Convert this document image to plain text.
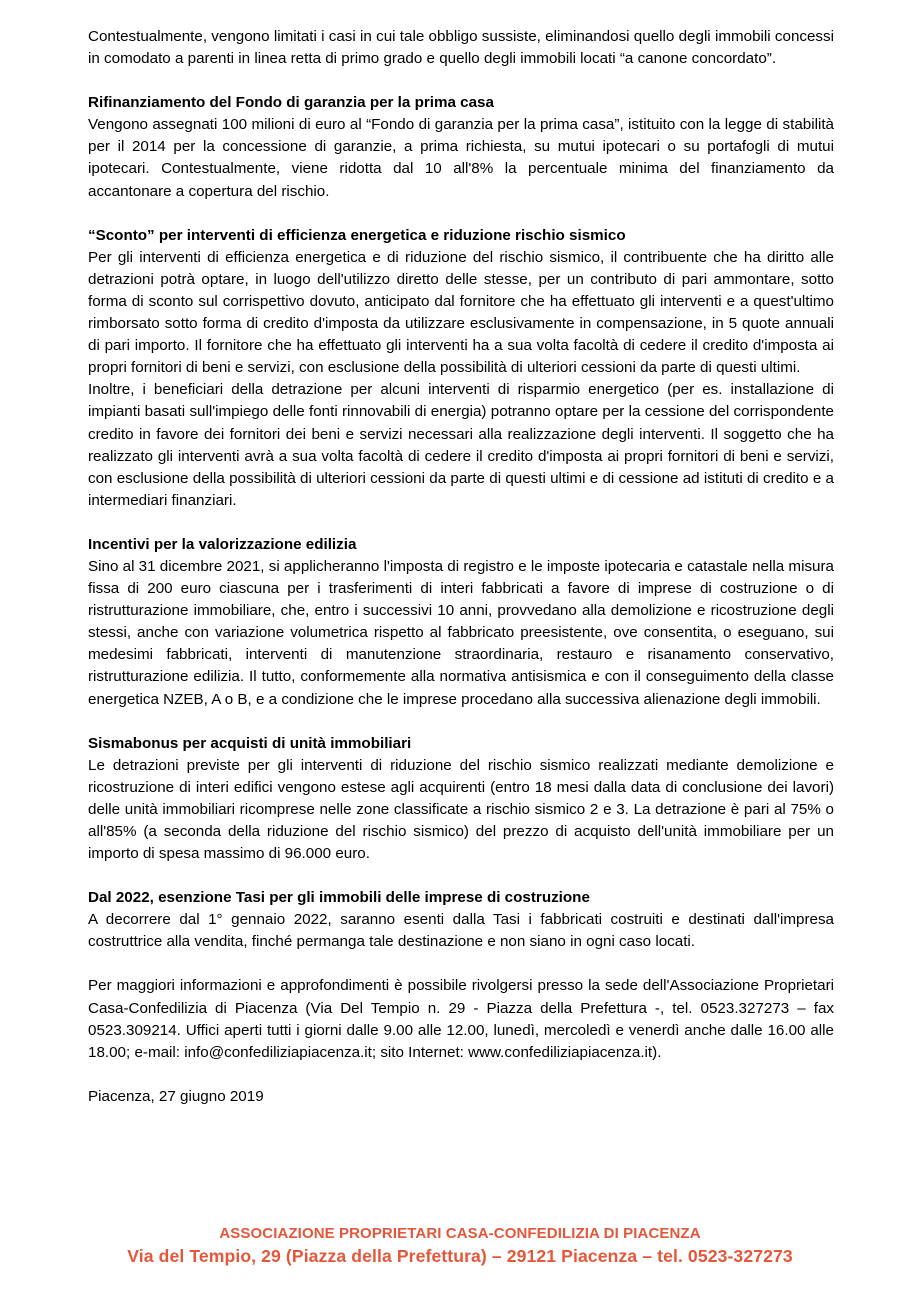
Contestualmente, vengono limitati i casi in cui tale obbligo sussiste, eliminandosi quello degli immobili concessi in comodato a parenti in linea retta di primo grado e quello degli immobili locati “a canone concordato”.

Rifinanziamento del Fondo di garanzia per la prima casa

Vengono assegnati 100 milioni di euro al “Fondo di garanzia per la prima casa”, istituito con la legge di stabilità per il 2014 per la concessione di garanzie, a prima richiesta, su mutui ipotecari o su portafogli di mutui ipotecari. Contestualmente, viene ridotta dal 10 all'8% la percentuale minima del finanziamento da accantonare a copertura del rischio.

“Sconto” per interventi di efficienza energetica e riduzione rischio sismico

Per gli interventi di efficienza energetica e di riduzione del rischio sismico, il contribuente che ha diritto alle detrazioni potrà optare, in luogo dell'utilizzo diretto delle stesse, per un contributo di pari ammontare, sotto forma di sconto sul corrispettivo dovuto, anticipato dal fornitore che ha effettuato gli interventi e a quest'ultimo rimborsato sotto forma di credito d'imposta da utilizzare esclusivamente in compensazione, in 5 quote annuali di pari importo. Il fornitore che ha effettuato gli interventi ha a sua volta facoltà di cedere il credito d'imposta ai propri fornitori di beni e servizi, con esclusione della possibilità di ulteriori cessioni da parte di questi ultimi.

Inoltre, i beneficiari della detrazione per alcuni interventi di risparmio energetico (per es. installazione di impianti basati sull'impiego delle fonti rinnovabili di energia) potranno optare per la cessione del corrispondente credito in favore dei fornitori dei beni e servizi necessari alla realizzazione degli interventi. Il soggetto che ha realizzato gli interventi avrà a sua volta facoltà di cedere il credito d'imposta ai propri fornitori di beni e servizi, con esclusione della possibilità di ulteriori cessioni da parte di questi ultimi e di cessione ad istituti di credito e a intermediari finanziari.

Incentivi per la valorizzazione edilizia

Sino al 31 dicembre 2021, si applicheranno l'imposta di registro e le imposte ipotecaria e catastale nella misura fissa di 200 euro ciascuna per i trasferimenti di interi fabbricati a favore di imprese di costruzione o di ristrutturazione immobiliare, che, entro i successivi 10 anni, provvedano alla demolizione e ricostruzione degli stessi, anche con variazione volumetrica rispetto al fabbricato preesistente, ove consentita, o eseguano, sui medesimi fabbricati, interventi di manutenzione straordinaria, restauro e risanamento conservativo, ristrutturazione edilizia. Il tutto, conformemente alla normativa antisismica e con il conseguimento della classe energetica NZEB, A o B, e a condizione che le imprese procedano alla successiva alienazione degli immobili.

Sismabonus per acquisti di unità immobiliari

Le detrazioni previste per gli interventi di riduzione del rischio sismico realizzati mediante demolizione e ricostruzione di interi edifici vengono estese agli acquirenti (entro 18 mesi dalla data di conclusione dei lavori) delle unità immobiliari ricomprese nelle zone classificate a rischio sismico 2 e 3. La detrazione è pari al 75% o all'85% (a seconda della riduzione del rischio sismico) del prezzo di acquisto dell'unità immobiliare per un importo di spesa massimo di 96.000 euro.

Dal 2022, esenzione Tasi per gli immobili delle imprese di costruzione

A decorrere dal 1° gennaio 2022, saranno esenti dalla Tasi i fabbricati costruiti e destinati dall'impresa costruttrice alla vendita, finché permanga tale destinazione e non siano in ogni caso locati.

Per maggiori informazioni e approfondimenti è possibile rivolgersi presso la sede dell'Associazione Proprietari Casa-Confedilizia di Piacenza (Via Del Tempio n. 29 - Piazza della Prefettura -, tel. 0523.327273 – fax 0523.309214. Uffici aperti tutti i giorni dalle 9.00 alle 12.00, lunedì, mercoledì e venerdì anche dalle 16.00 alle 18.00; e-mail: info@confediliziapiacenza.it; sito Internet: www.confediliziapiacenza.it).

Piacenza, 27 giugno 2019

ASSOCIAZIONE PROPRIETARI CASA-CONFEDILIZIA DI PIACENZA

Via del Tempio, 29 (Piazza della Prefettura) – 29121 Piacenza – tel. 0523-327273
